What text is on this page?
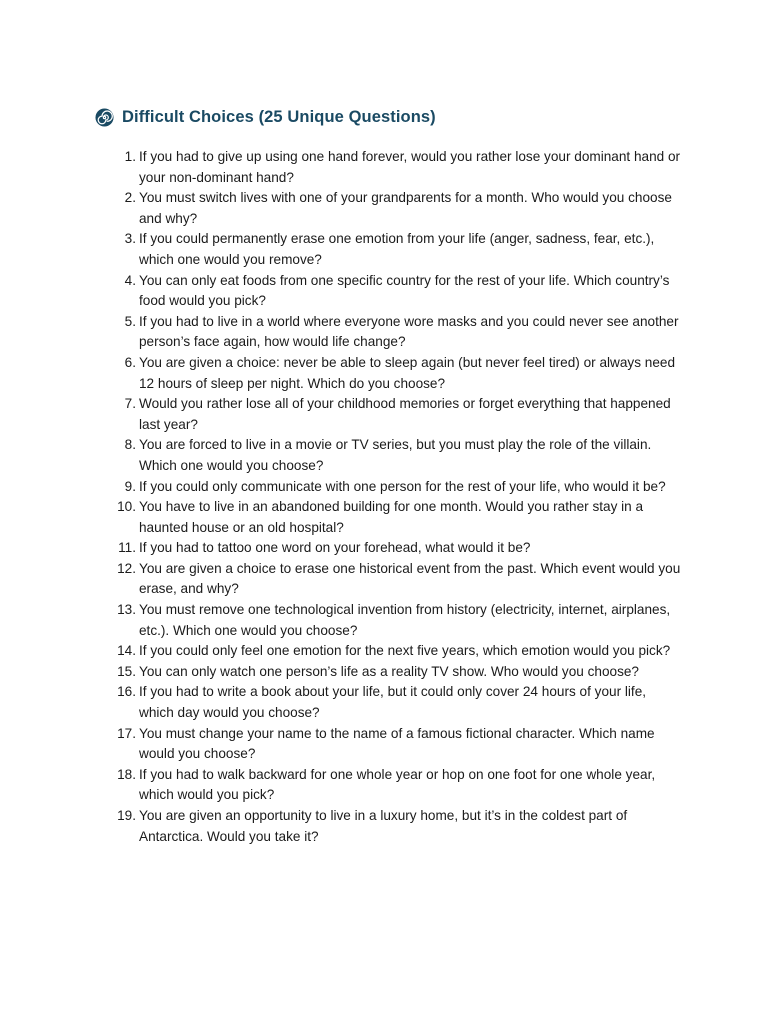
Difficult Choices (25 Unique Questions)
1. If you had to give up using one hand forever, would you rather lose your dominant hand or your non-dominant hand?
2. You must switch lives with one of your grandparents for a month. Who would you choose and why?
3. If you could permanently erase one emotion from your life (anger, sadness, fear, etc.), which one would you remove?
4. You can only eat foods from one specific country for the rest of your life. Which country’s food would you pick?
5. If you had to live in a world where everyone wore masks and you could never see another person’s face again, how would life change?
6. You are given a choice: never be able to sleep again (but never feel tired) or always need 12 hours of sleep per night. Which do you choose?
7. Would you rather lose all of your childhood memories or forget everything that happened last year?
8. You are forced to live in a movie or TV series, but you must play the role of the villain. Which one would you choose?
9. If you could only communicate with one person for the rest of your life, who would it be?
10. You have to live in an abandoned building for one month. Would you rather stay in a haunted house or an old hospital?
11. If you had to tattoo one word on your forehead, what would it be?
12. You are given a choice to erase one historical event from the past. Which event would you erase, and why?
13. You must remove one technological invention from history (electricity, internet, airplanes, etc.). Which one would you choose?
14. If you could only feel one emotion for the next five years, which emotion would you pick?
15. You can only watch one person’s life as a reality TV show. Who would you choose?
16. If you had to write a book about your life, but it could only cover 24 hours of your life, which day would you choose?
17. You must change your name to the name of a famous fictional character. Which name would you choose?
18. If you had to walk backward for one whole year or hop on one foot for one whole year, which would you pick?
19. You are given an opportunity to live in a luxury home, but it’s in the coldest part of Antarctica. Would you take it?
